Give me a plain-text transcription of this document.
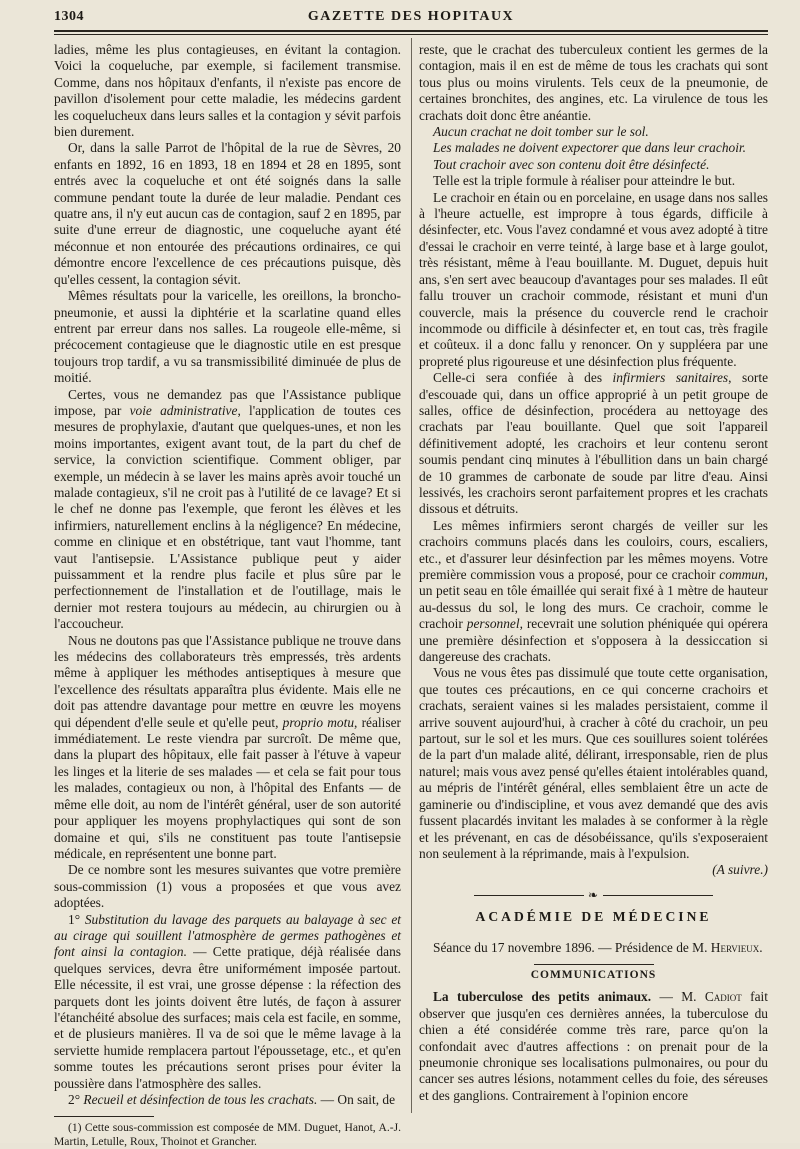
1304	GAZETTE DES HOPITAUX

ladies, même les plus contagieuses, en évitant la contagion. Voici la coqueluche, par exemple, si facilement transmise. Comme, dans nos hôpitaux d'enfants, il n'existe pas encore de pavillon d'isolement pour cette maladie, les médecins gardent les coquelucheux dans leurs salles et la contagion y sévit parfois bien durement.

Or, dans la salle Parrot de l'hôpital de la rue de Sèvres, 20 enfants en 1892, 16 en 1893, 18 en 1894 et 28 en 1895, sont entrés avec la coqueluche et ont été soignés dans la salle commune pendant toute la durée de leur maladie. Pendant ces quatre ans, il n'y eut aucun cas de contagion, sauf 2 en 1895, par suite d'une erreur de diagnostic, une coqueluche ayant été méconnue et non entourée des précautions ordinaires, ce qui démontre encore l'excellence de ces précautions puisque, dès qu'elles cessent, la contagion sévit.

Mêmes résultats pour la varicelle, les oreillons, la broncho-pneumonie, et aussi la diphtérie et la scarlatine quand elles entrent par erreur dans nos salles. La rougeole elle-même, si précocement contagieuse que le diagnostic utile en est presque toujours trop tardif, a vu sa transmissibilité diminuée de plus de moitié.

Certes, vous ne demandez pas que l'Assistance publique impose, par voie administrative, l'application de toutes ces mesures de prophylaxie, d'autant que quelques-unes, et non les moins importantes, exigent avant tout, de la part du chef de service, la conviction scientifique. Comment obliger, par exemple, un médecin à se laver les mains après avoir touché un malade contagieux, s'il ne croit pas à l'utilité de ce lavage? Et si le chef ne donne pas l'exemple, que feront les élèves et les infirmiers, naturellement enclins à la négligence? En médecine, comme en clinique et en obstétrique, tant vaut l'homme, tant vaut l'antisepsie. L'Assistance publique peut y aider puissamment et la rendre plus facile et plus sûre par le perfectionnement de l'installation et de l'outillage, mais le dernier mot restera toujours au médecin, au chirurgien ou à l'accoucheur.

Nous ne doutons pas que l'Assistance publique ne trouve dans les médecins des collaborateurs très empressés, très ardents même à appliquer les méthodes antiseptiques à mesure que l'excellence des résultats apparaîtra plus évidente. Mais elle ne doit pas attendre davantage pour mettre en œuvre les moyens qui dépendent d'elle seule et qu'elle peut, proprio motu, réaliser immédiatement. Le reste viendra par surcroît. De même que, dans la plupart des hôpitaux, elle fait passer à l'étuve à vapeur les linges et la literie de ses malades — et cela se fait pour tous les malades, contagieux ou non, à l'hôpital des Enfants — de même elle doit, au nom de l'intérêt général, user de son autorité pour appliquer les moyens prophylactiques qui sont de son domaine et qui, s'ils ne constituent pas toute l'antisepsie médicale, en représentent une bonne part.

De ce nombre sont les mesures suivantes que votre première sous-commission (1) vous a proposées et que vous avez adoptées.

1° Substitution du lavage des parquets au balayage à sec et au cirage qui souillent l'atmosphère de germes pathogènes et font ainsi la contagion. — Cette pratique, déjà réalisée dans quelques services, devra être uniformément imposée partout. Elle nécessite, il est vrai, une grosse dépense : la réfection des parquets dont les joints doivent être lutés, de façon à assurer l'étanchéité absolue des surfaces; mais cela est facile, en somme, et de plusieurs manières. Il va de soi que le même lavage à la serviette humide remplacera partout l'époussetage, etc., et qu'en somme toutes les précautions seront prises pour éviter la poussière dans l'atmosphère des salles.

2° Recueil et désinfection de tous les crachats. — On sait, de

(1) Cette sous-commission est composée de MM. Duguet, Hanot, A.-J. Martin, Letulle, Roux, Thoinot et Grancher.

reste, que le crachat des tuberculeux contient les germes de la contagion, mais il en est de même de tous les crachats qui sont tous plus ou moins virulents. Tels ceux de la pneumonie, de certaines bronchites, des angines, etc. La virulence de tous les crachats doit donc être anéantie.

Aucun crachat ne doit tomber sur le sol.

Les malades ne doivent expectorer que dans leur crachoir.

Tout crachoir avec son contenu doit être désinfecté.

Telle est la triple formule à réaliser pour atteindre le but.

Le crachoir en étain ou en porcelaine, en usage dans nos salles à l'heure actuelle, est impropre à tous égards, difficile à désinfecter, etc. Vous l'avez condamné et vous avez adopté à titre d'essai le crachoir en verre teinté, à large base et à large goulot, très résistant, même à l'eau bouillante. M. Duguet, depuis huit ans, s'en sert avec beaucoup d'avantages pour ses malades. Il eût fallu trouver un crachoir commode, résistant et muni d'un couvercle, mais la présence du couvercle rend le crachoir incommode ou difficile à désinfecter et, en tout cas, très fragile et coûteux. il a donc fallu y renoncer. On y suppléera par une propreté plus rigoureuse et une désinfection plus fréquente.

Celle-ci sera confiée à des infirmiers sanitaires, sorte d'escouade qui, dans un office approprié à un petit groupe de salles, office de désinfection, procédera au nettoyage des crachats par l'eau bouillante. Quel que soit l'appareil définitivement adopté, les crachoirs et leur contenu seront soumis pendant cinq minutes à l'ébullition dans un bain chargé de 10 grammes de carbonate de soude par litre d'eau. Ainsi lessivés, les crachoirs seront parfaitement propres et les crachats dissous et détruits.

Les mêmes infirmiers seront chargés de veiller sur les crachoirs communs placés dans les couloirs, cours, escaliers, etc., et d'assurer leur désinfection par les mêmes moyens. Votre première commission vous a proposé, pour ce crachoir commun, un petit seau en tôle émaillée qui serait fixé à 1 mètre de hauteur au-dessus du sol, le long des murs. Ce crachoir, comme le crachoir personnel, recevrait une solution phéniquée qui opérera une première désinfection et s'opposera à la dessiccation si dangereuse des crachats.

Vous ne vous êtes pas dissimulé que toute cette organisation, que toutes ces précautions, en ce qui concerne crachoirs et crachats, seraient vaines si les malades persistaient, comme il arrive souvent aujourd'hui, à cracher à côté du crachoir, un peu partout, sur le sol et les murs. Que ces souillures soient tolérées de la part d'un malade alité, délirant, irresponsable, rien de plus naturel; mais vous avez pensé qu'elles étaient intolérables quand, au mépris de l'intérêt général, elles semblaient être un acte de gaminerie ou d'indiscipline, et vous avez demandé que des avis fussent placardés invitant les malades à se conformer à la règle et les prévenant, en cas de désobéissance, qu'ils s'exposeraient non seulement à la réprimande, mais à l'expulsion.

(A suivre.)

❧
ACADÉMIE DE MÉDECINE

Séance du 17 novembre 1896. — Présidence de M. Hervieux.

COMMUNICATIONS

La tuberculose des petits animaux. — M. Cadiot fait observer que jusqu'en ces dernières années, la tuberculose du chien a été considérée comme très rare, parce qu'on la confondait avec d'autres affections : on prenait pour de la pneumonie chronique ses localisations pulmonaires, ou pour du cancer ses autres lésions, notamment celles du foie, des séreuses et des ganglions. Contrairement à l'opinion encore
